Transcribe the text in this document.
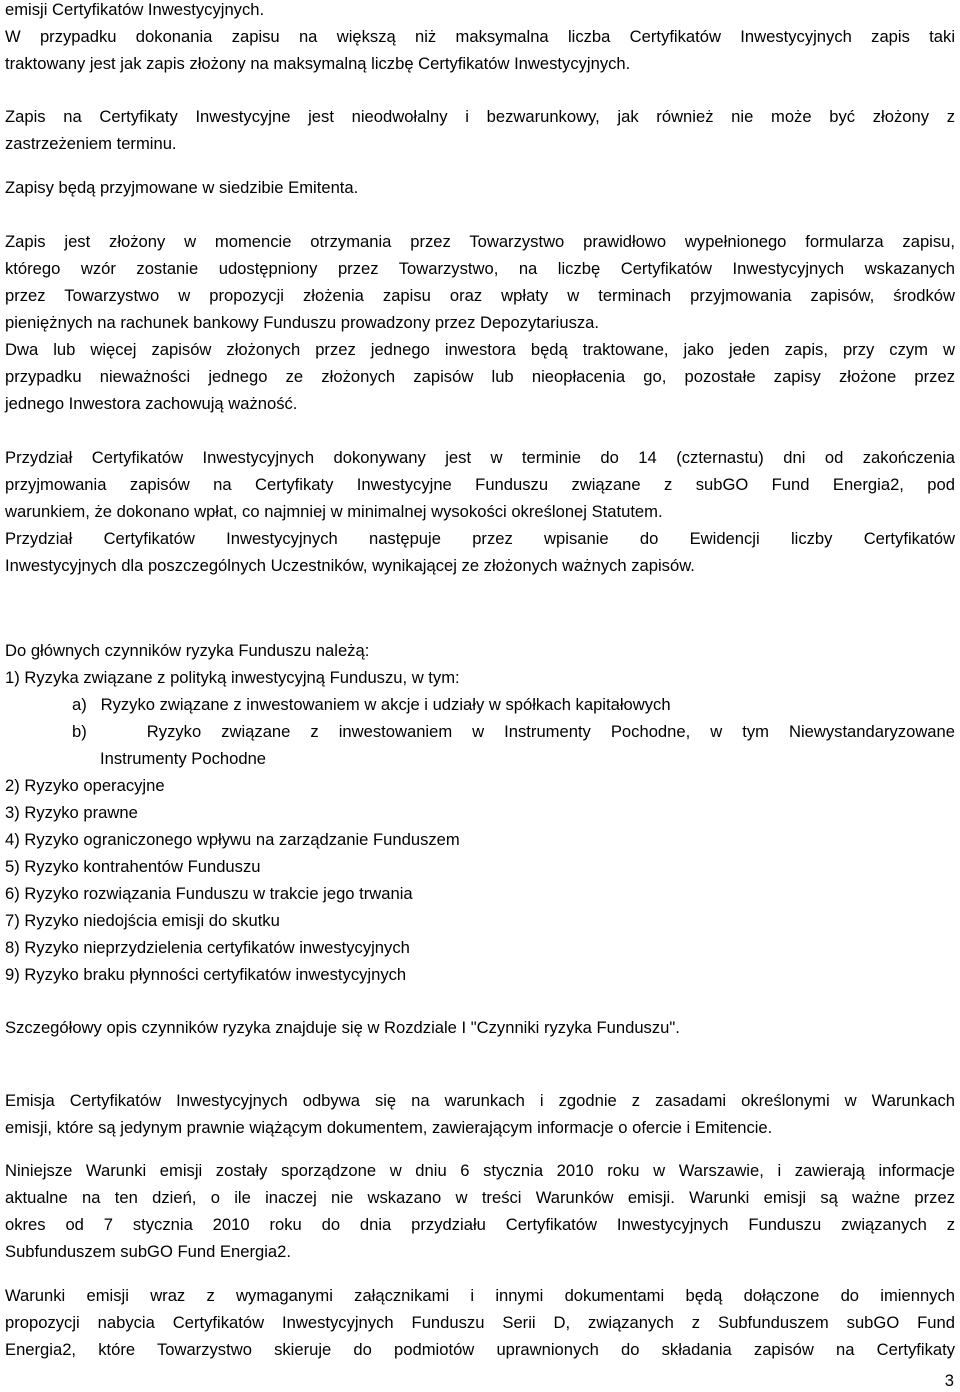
emisji Certyfikatów Inwestycyjnych.
W przypadku dokonania zapisu na większą niż maksymalna liczba Certyfikatów Inwestycyjnych zapis taki
traktowany jest jak zapis złożony na maksymalną liczbę Certyfikatów Inwestycyjnych.
Zapis na Certyfikaty Inwestycyjne jest nieodwołalny i bezwarunkowy, jak również nie może być złożony z
zastrzeżeniem terminu.
Zapisy będą przyjmowane w siedzibie Emitenta.
Zapis jest złożony w momencie otrzymania przez Towarzystwo prawidłowo wypełnionego formularza zapisu,
którego wzór zostanie udostępniony przez Towarzystwo, na liczbę Certyfikatów Inwestycyjnych wskazanych
przez Towarzystwo w propozycji złożenia zapisu oraz wpłaty w terminach przyjmowania zapisów, środków
pieniężnych na rachunek bankowy Funduszu prowadzony przez Depozytariusza.
Dwa lub więcej zapisów złożonych przez jednego inwestora będą traktowane, jako jeden zapis, przy czym w
przypadku nieważności jednego ze złożonych zapisów lub nieopłacenia go, pozostałe zapisy złożone przez
jednego Inwestora zachowują ważność.
Przydział Certyfikatów Inwestycyjnych dokonywany jest w terminie do 14 (czternastu) dni od zakończenia
przyjmowania zapisów na Certyfikaty Inwestycyjne Funduszu związane z subGO Fund Energia2, pod
warunkiem, że dokonano wpłat, co najmniej w minimalnej wysokości określonej Statutem.
Przydział Certyfikatów Inwestycyjnych następuje przez wpisanie do Ewidencji liczby Certyfikatów
Inwestycyjnych dla poszczególnych Uczestników, wynikającej ze złożonych ważnych zapisów.
Do głównych czynników ryzyka Funduszu należą:
1) Ryzyka związane z polityką inwestycyjną Funduszu, w tym:
a)   Ryzyko związane z inwestowaniem w akcje i udziały w spółkach kapitałowych
b)   Ryzyko związane z inwestowaniem w Instrumenty Pochodne, w tym Niewystandaryzowane
Instrumenty Pochodne
2) Ryzyko operacyjne
3) Ryzyko prawne
4) Ryzyko ograniczonego wpływu na zarządzanie Funduszem
5) Ryzyko kontrahentów Funduszu
6) Ryzyko rozwiązania Funduszu w trakcie jego trwania
7) Ryzyko niedojścia emisji do skutku
8) Ryzyko nieprzydzielenia certyfikatów inwestycyjnych
9) Ryzyko braku płynności certyfikatów inwestycyjnych
Szczegółowy opis czynników ryzyka znajduje się w Rozdziale I "Czynniki ryzyka Funduszu".
Emisja Certyfikatów Inwestycyjnych odbywa się na warunkach i zgodnie z zasadami określonymi w Warunkach
emisji, które są jedynym prawnie wiążącym dokumentem, zawierającym informacje o ofercie i Emitencie.
Niniejsze Warunki emisji zostały sporządzone w dniu 6 stycznia 2010 roku w Warszawie, i zawierają informacje
aktualne na ten dzień, o ile inaczej nie wskazano w treści Warunków emisji. Warunki emisji są ważne przez
okres od 7 stycznia 2010 roku do dnia przydziału Certyfikatów Inwestycyjnych Funduszu związanych z
Subfunduszem subGO Fund Energia2.
Warunki emisji wraz z wymaganymi załącznikami i innymi dokumentami będą dołączone do imiennych
propozycji nabycia Certyfikatów Inwestycyjnych Funduszu Serii D, związanych z Subfunduszem subGO Fund
Energia2, które Towarzystwo skieruje do podmiotów uprawnionych do składania zapisów na Certyfikaty
3
